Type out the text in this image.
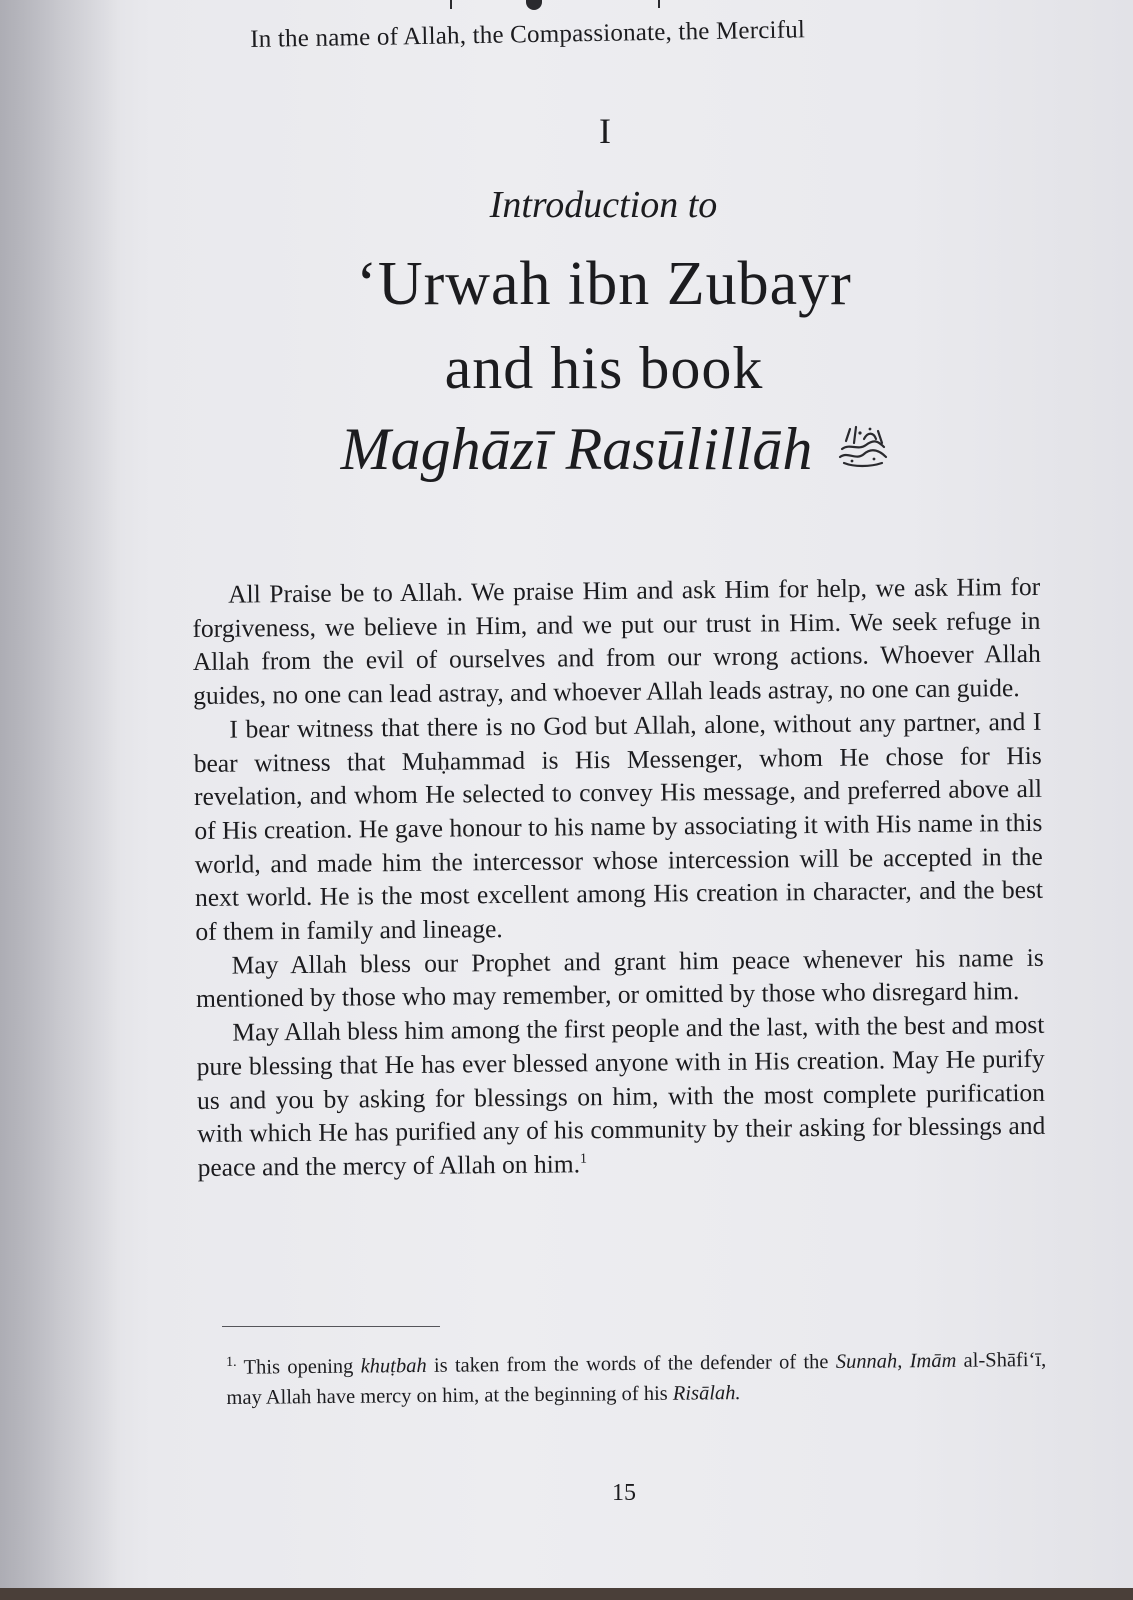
In the name of Allah, the Compassionate, the Merciful
I
Introduction to
‘Urwah ibn Zubayr
and his book
Maghāzī Rasūlillāh

All Praise be to Allah. We praise Him and ask Him for help, we ask Him for forgiveness, we believe in Him, and we put our trust in Him. We seek refuge in Allah from the evil of ourselves and from our wrong actions. Whoever Allah guides, no one can lead astray, and whoever Allah leads astray, no one can guide.

I bear witness that there is no God but Allah, alone, without any partner, and I bear witness that Muḥammad is His Messenger, whom He chose for His revelation, and whom He selected to convey His message, and preferred above all of His creation. He gave honour to his name by associating it with His name in this world, and made him the intercessor whose intercession will be accepted in the next world. He is the most excellent among His creation in character, and the best of them in family and lineage.

May Allah bless our Prophet and grant him peace whenever his name is mentioned by those who may remember, or omitted by those who disregard him.

May Allah bless him among the first people and the last, with the best and most pure blessing that He has ever blessed anyone with in His creation. May He purify us and you by asking for blessings on him, with the most complete purification with which He has purified any of his community by their asking for blessings and peace and the mercy of Allah on him.$^1$

$^{1.}$ This opening khuṭbah is taken from the words of the defender of the Sunnah, Imām al-Shāfi‘ī, may Allah have mercy on him, at the beginning of his Risālah.
15
